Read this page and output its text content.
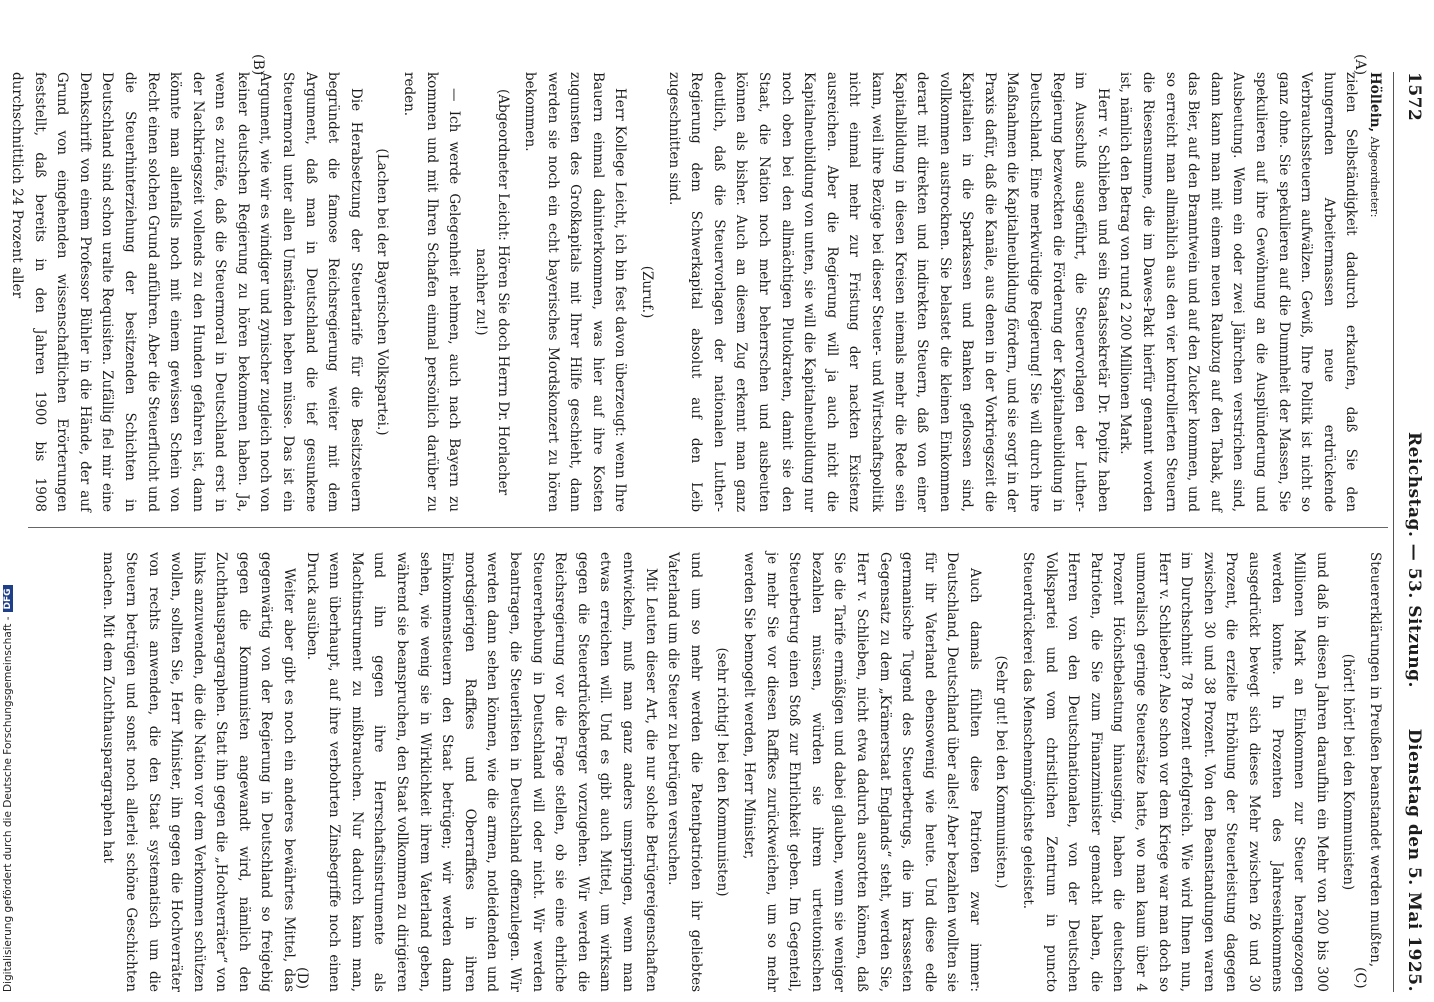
Digitalisierung gefördert durch die Deutsche Forschungsgemeinschaft -DFG
1572
Reichstag. — 53. Sitzung.
Dienstag den 5. Mai 1925.
(A)
(B)
(C)
(D)

Höllein, Abgeordneter:

zielen Selbständigkeit dadurch erkaufen, daß Sie den hungernden Arbeitermassen neue erdrückende Verbrauchssteuern aufwälzen. Gewiß, Ihre Politik ist nicht so ganz ohne. Sie spekulieren auf die Dummheit der Massen, Sie spekulieren auf ihre Gewöhnung an die Ausplünderung und Ausbeutung. Wenn ein oder zwei Jährchen verstrichen sind, dann kann man mit einem neuen Raubzug auf den Tabak, auf das Bier, auf den Branntwein und auf den Zucker kommen, und so erreicht man allmählich aus den vier kontrollierten Steuern die Riesensumme, die im Dawes-Pakt hierfür genannt worden ist, nämlich den Betrag von rund 2 200 Millionen Mark.

Herr v. Schlieben und sein Staatssekretär Dr. Popitz haben im Ausschuß ausgeführt, die Steuervorlagen der Luther-Regierung bezweckten die Förderung der Kapitalneubildung in Deutschland. Eine merkwürdige Regierung! Sie will durch ihre Maßnahmen die Kapitalneubildung fördern, und sie sorgt in der Praxis dafür, daß die Kanäle, aus denen in der Vorkriegszeit die Kapitalien in die Sparkassen und Banken geflossen sind, vollkommen austrocknen. Sie belastet die kleinen Einkommen derart mit direkten und indirekten Steuern, daß von einer Kapitalbildung in diesen Kreisen niemals mehr die Rede sein kann, weil ihre Bezüge bei dieser Steuer- und Wirtschaftspolitik nicht einmal mehr zur Fristung der nackten Existenz ausreichen. Aber die Regierung will ja auch nicht die Kapitalneubildung von unten, sie will die Kapitalneubildung nur noch oben bei den allmächtigen Plutokraten, damit sie den Staat, die Nation noch mehr beherrschen und ausbeuten können als bisher. Auch an diesem Zug erkennt man ganz deutlich, daß die Steuervorlagen der nationalen Luther-Regierung dem Schwerkapital absolut auf den Leib zugeschnitten sind.

(Zuruf.)

Herr Kollege Leicht, ich bin fest davon überzeugt: wenn Ihre Bauern einmal dahinterkommen, was hier auf ihre Kosten zugunsten des Großkapitals mit Ihrer Hilfe geschieht, dann werden sie noch ein echt bayerisches Mordskonzert zu hören bekommen.

(Abgeordneter Leicht: Hören Sie doch Herrn Dr. Horlacher nachher zu!)

— Ich werde Gelegenheit nehmen, auch nach Bayern zu kommen und mit Ihren Schafen einmal persönlich darüber zu reden.

(Lachen bei der Bayerischen Volkspartei.)

Die Herabsetzung der Steuertarife für die Besitzsteuern begründet die famose Reichsregierung weiter mit dem Argument, daß man in Deutschland die tief gesunkene Steuermoral unter allen Umständen heben müsse. Das ist ein Argument, wie wir es windiger und zynischer zugleich noch von keiner deutschen Regierung zu hören bekommen haben. Ja, wenn es zuträfe, daß die Steuermoral in Deutschland erst in der Nachkriegszeit vollends zu den Hunden gefahren ist, dann könnte man allenfalls noch mit einem gewissen Schein von Recht einen solchen Grund anführen. Aber die Steuerflucht und die Steuerhinterziehung der besitzenden Schichten in Deutschland sind schon uralte Requisiten. Zufällig fiel mir eine Denkschrift von einem Professor Bühler in die Hände, der auf Grund von eingehenden wissenschaftlichen Erörterungen feststellt, daß bereits in den Jahren 1900 bis 1908 durchschnittlich 24 Prozent aller

Steuererklärungen in Preußen beanstandet werden mußten,

(hört! hört! bei den Kommunisten)

und daß in diesen Jahren daraufhin ein Mehr von 200 bis 300 Millionen Mark an Einkommen zur Steuer herangezogen werden konnte. In Prozenten des Jahreseinkommens ausgedrückt bewegt sich dieses Mehr zwischen 26 und 30 Prozent, die erzielte Erhöhung der Steuerleistung dagegen zwischen 30 und 38 Prozent. Von den Beanstandungen waren im Durchschnitt 78 Prozent erfolgreich. Wie wird Ihnen nun, Herr v. Schlieben? Also schon vor dem Kriege war man doch so unmoralisch geringe Steuersätze hatte, wo man kaum über 4 Prozent Höchstbelastung hinausging, haben die deutschen Patrioten, die Sie zum Finanzminister gemacht haben, die Herren von den Deutschnationalen, von der Deutschen Volkspartei und vom christlichen Zentrum in puncto Steuerdrückerei das Menschenmöglichste geleistet.

(Sehr gut! bei den Kommunisten.)

Auch damals fühlten diese Patrioten zwar immer: Deutschland, Deutschland über alles! Aber bezahlen wollten sie für ihr Vaterland ebensowenig wie heute. Und diese edle germanische Tugend des Steuerbetrugs, die im krassesten Gegensatz zu dem „Krämerstaat Englands“ steht, werden Sie, Herr v. Schlieben, nicht etwa dadurch ausrotten können, daß Sie die Tarife ermäßigen und dabei glauben, wenn sie weniger bezahlen müssen, würden sie ihrem urteutonischen Steuerbetrug einen Stoß zur Ehrlichkeit geben. Im Gegenteil, je mehr Sie vor diesen Raffkes zurückweichen, um so mehr werden Sie bemogelt werden, Herr Minister,

(sehr richtig! bei den Kommunisten)

und um so mehr werden die Patentpatrioten ihr geliebtes Vaterland um die Steuer zu betrügen versuchen.

Mit Leuten dieser Art, die nur solche Betrügereigenschaften entwickeln, muß man ganz anders umspringen, wenn man etwas erreichen will. Und es gibt auch Mittel, um wirksam gegen die Steuerdrückeberger vorzugehen. Wir werden die Reichsregierung vor die Frage stellen, ob sie eine ehrliche Steuererhebung in Deutschland will oder nicht. Wir werden beantragen, die Steuerlisten in Deutschland offenzulegen. Wir werden dann sehen können, wie die armen, notleidenden und mordsgierigen Raffkes und Oberraffkes in ihren Einkommensteuern den Staat betrügen; wir werden dann sehen, wie wenig sie in Wirklichkeit ihrem Vaterland geben, während sie beanspruchen, den Staat vollkommen zu dirigieren und ihn gegen ihre Herrschaftsinstrumente als Machtinstrument zu mißbrauchen. Nur dadurch kann man, wenn überhaupt, auf ihre verbohrten Zinsbegriffe noch einen Druck ausüben.

Weiter aber gibt es noch ein anderes bewährtes Mittel, das gegenwärtig von der Regierung in Deutschland so freigebig gegen die Kommunisten angewandt wird, nämlich den Zuchthausparagraphen. Statt ihn gegen die „Hochverräter“ von links anzuwenden, die die Nation vor dem Verkommen schützen wollen, sollten Sie, Herr Minister, ihn gegen die Hochverräter von rechts anwenden, die den Staat systematisch um die Steuern betrügen und sonst noch allerlei schöne Geschichten machen. Mit dem Zuchthausparagraphen hat
